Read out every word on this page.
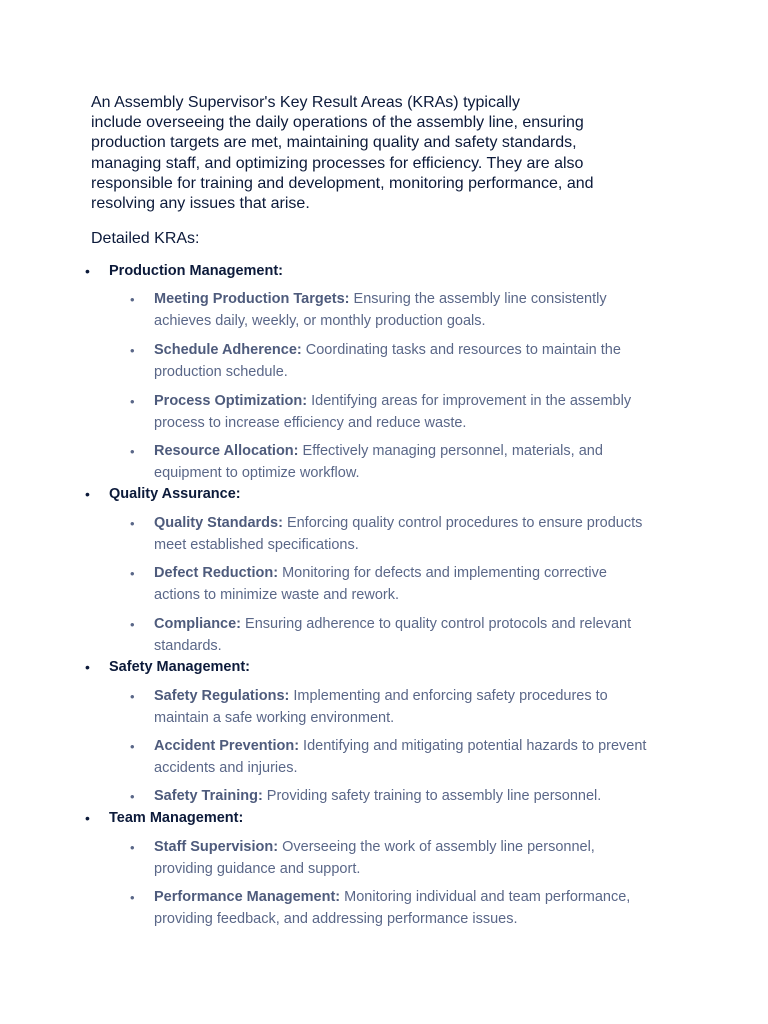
An Assembly Supervisor's Key Result Areas (KRAs) typically
include overseeing the daily operations of the assembly line, ensuring
production targets are met, maintaining quality and safety standards,
managing staff, and optimizing processes for efficiency. They are also
responsible for training and development, monitoring performance, and
resolving any issues that arise.

Detailed KRAs:

• Production Management:
• Meeting Production Targets: Ensuring the assembly line consistently
achieves daily, weekly, or monthly production goals.
• Schedule Adherence: Coordinating tasks and resources to maintain the
production schedule.
• Process Optimization: Identifying areas for improvement in the assembly
process to increase efficiency and reduce waste.
• Resource Allocation: Effectively managing personnel, materials, and
equipment to optimize workflow.
• Quality Assurance:
• Quality Standards: Enforcing quality control procedures to ensure products
meet established specifications.
• Defect Reduction: Monitoring for defects and implementing corrective
actions to minimize waste and rework.
• Compliance: Ensuring adherence to quality control protocols and relevant
standards.
• Safety Management:
• Safety Regulations: Implementing and enforcing safety procedures to
maintain a safe working environment.
• Accident Prevention: Identifying and mitigating potential hazards to prevent
accidents and injuries.
• Safety Training: Providing safety training to assembly line personnel.
• Team Management:
• Staff Supervision: Overseeing the work of assembly line personnel,
providing guidance and support.
• Performance Management: Monitoring individual and team performance,
providing feedback, and addressing performance issues.
